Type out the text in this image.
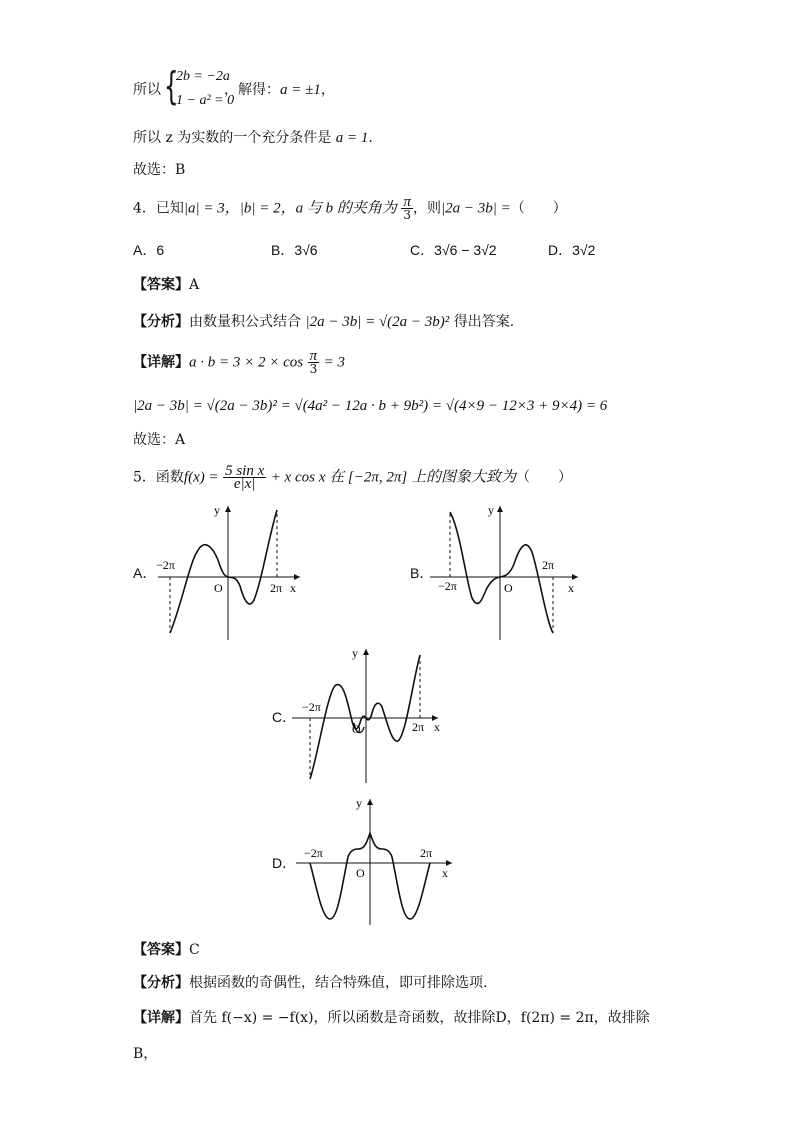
所以 {
2b = −2a
1 − a² = 0
，解得：a = ±1，
所以 z 为实数的一个充分条件是 a = 1.
故选：B
4．已知|a| = 3，|b| = 2，a 与 b 的夹角为 $\frac{\pi}{3}$ ，则|2a − 3b| =（　　）
A．6	B．3√6	C．3√6 − 3√2	D．3√2
【答案】A
【分析】由数量积公式结合 |2a − 3b| = √(2a − 3b)² 得出答案.
【详解】$a \cdot b = 3 \times 2 \times \cos \frac{\pi}{3} = 3$
|2a − 3b| = √(2a − 3b)² = √(4a² − 12a · b + 9b²) = √(4×9 − 12×3 + 9×4) = 6
故选：A
5．函数$f(x) = \frac{\text{5 sin x}}{e|x|} + x$ cos x 在 [−2π, 2π] 上的图象大致为（　　）
A． −2π
O	2π x
y
B．
−2π	O
2π
x
y
C．
−2π
O	2π x
y
D．
−2π
O
2π
x
y
【答案】C
【分析】根据函数的奇偶性，结合特殊值，即可排除选项.
【详解】首先 f(−x) = −f(x)，所以函数是奇函数，故排除D，f(2π) = 2π，故排除
B，
